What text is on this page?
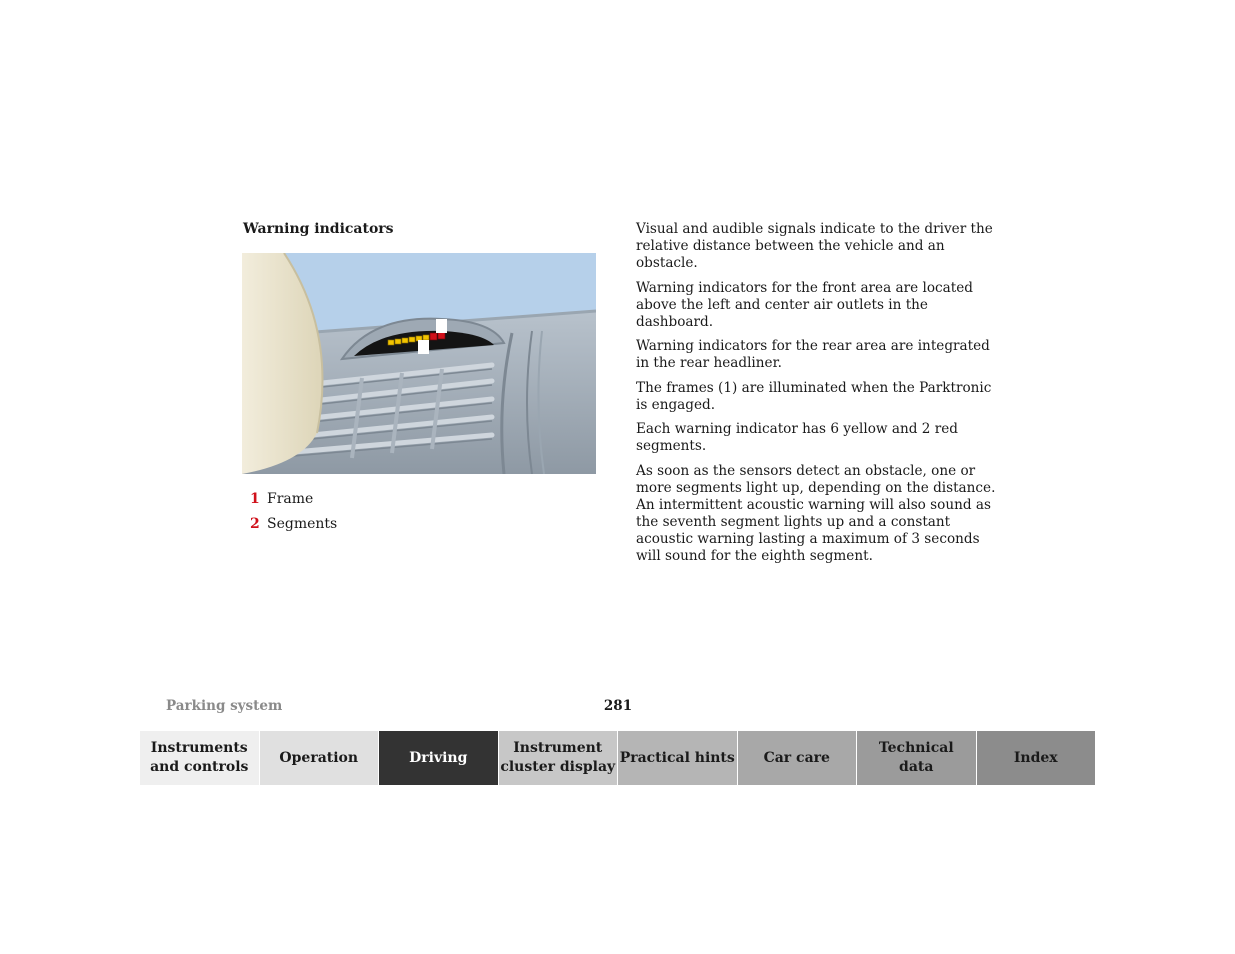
Warning indicators
1 Frame
2 Segments

Visual and audible signals indicate to the driver the relative distance between the vehicle and an obstacle.

Warning indicators for the front area are located above the left and center air outlets in the dashboard.

Warning indicators for the rear area are integrated in the rear headliner.

The frames (1) are illuminated when the Parktronic is engaged.

Each warning indicator has 6 yellow and 2 red segments.

As soon as the sensors detect an obstacle, one or more segments light up, depending on the distance. An intermittent acoustic warning will also sound as the seventh segment lights up and a constant acoustic warning lasting a maximum of 3 seconds will sound for the eighth segment.

Parking system	281
Instruments
and controls
Operation	Driving
Instrument
cluster display
Practical hints	Car care
Technical
data
Index
